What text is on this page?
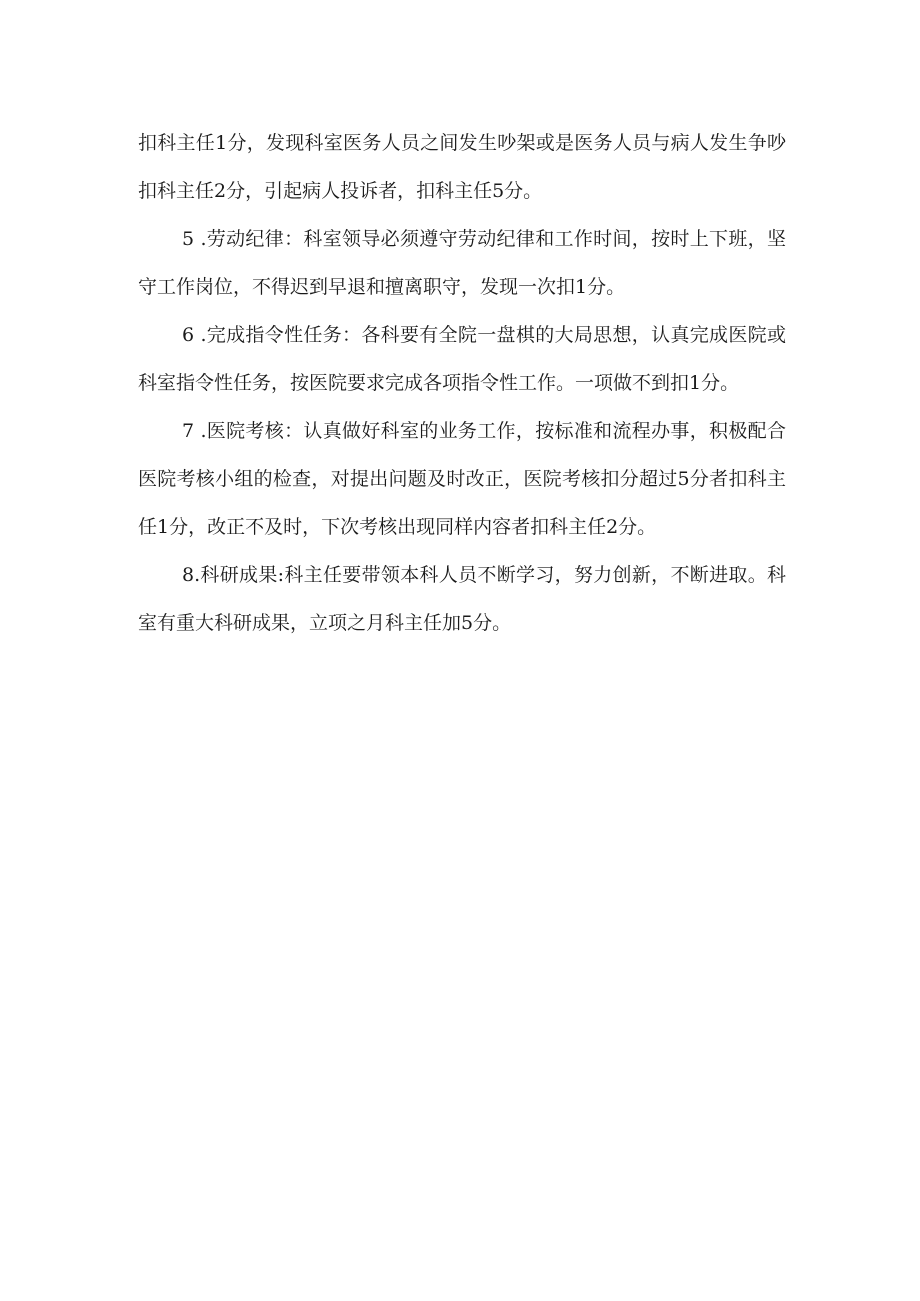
扣科主任1分，发现科室医务人员之间发生吵架或是医务人员与病人发生争吵扣科主任2分，引起病人投诉者，扣科主任5分。

5 .劳动纪律：科室领导必须遵守劳动纪律和工作时间，按时上下班，坚守工作岗位，不得迟到早退和擅离职守，发现一次扣1分。

6 .完成指令性任务：各科要有全院一盘棋的大局思想，认真完成医院或科室指令性任务，按医院要求完成各项指令性工作。一项做不到扣1分。

7 .医院考核：认真做好科室的业务工作，按标准和流程办事，积极配合医院考核小组的检查，对提出问题及时改正，医院考核扣分超过5分者扣科主任1分，改正不及时，下次考核出现同样内容者扣科主任2分。

8.科研成果:科主任要带领本科人员不断学习，努力创新，不断进取。科室有重大科研成果，立项之月科主任加5分。
